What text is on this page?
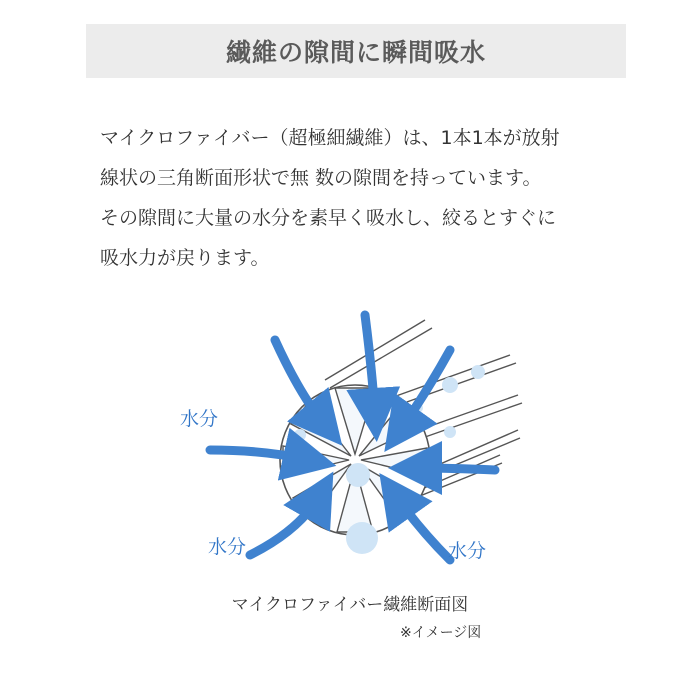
繊維の隙間に瞬間吸水
マイクロファイバー（超極細繊維）は、1本1本が放射
線状の三角断面形状で無 数の隙間を持っています。
その隙間に大量の水分を素早く吸水し、絞るとすぐに
吸水力が戻ります。
水分
水分	水分
マイクロファイバー繊維断面図
※イメージ図
